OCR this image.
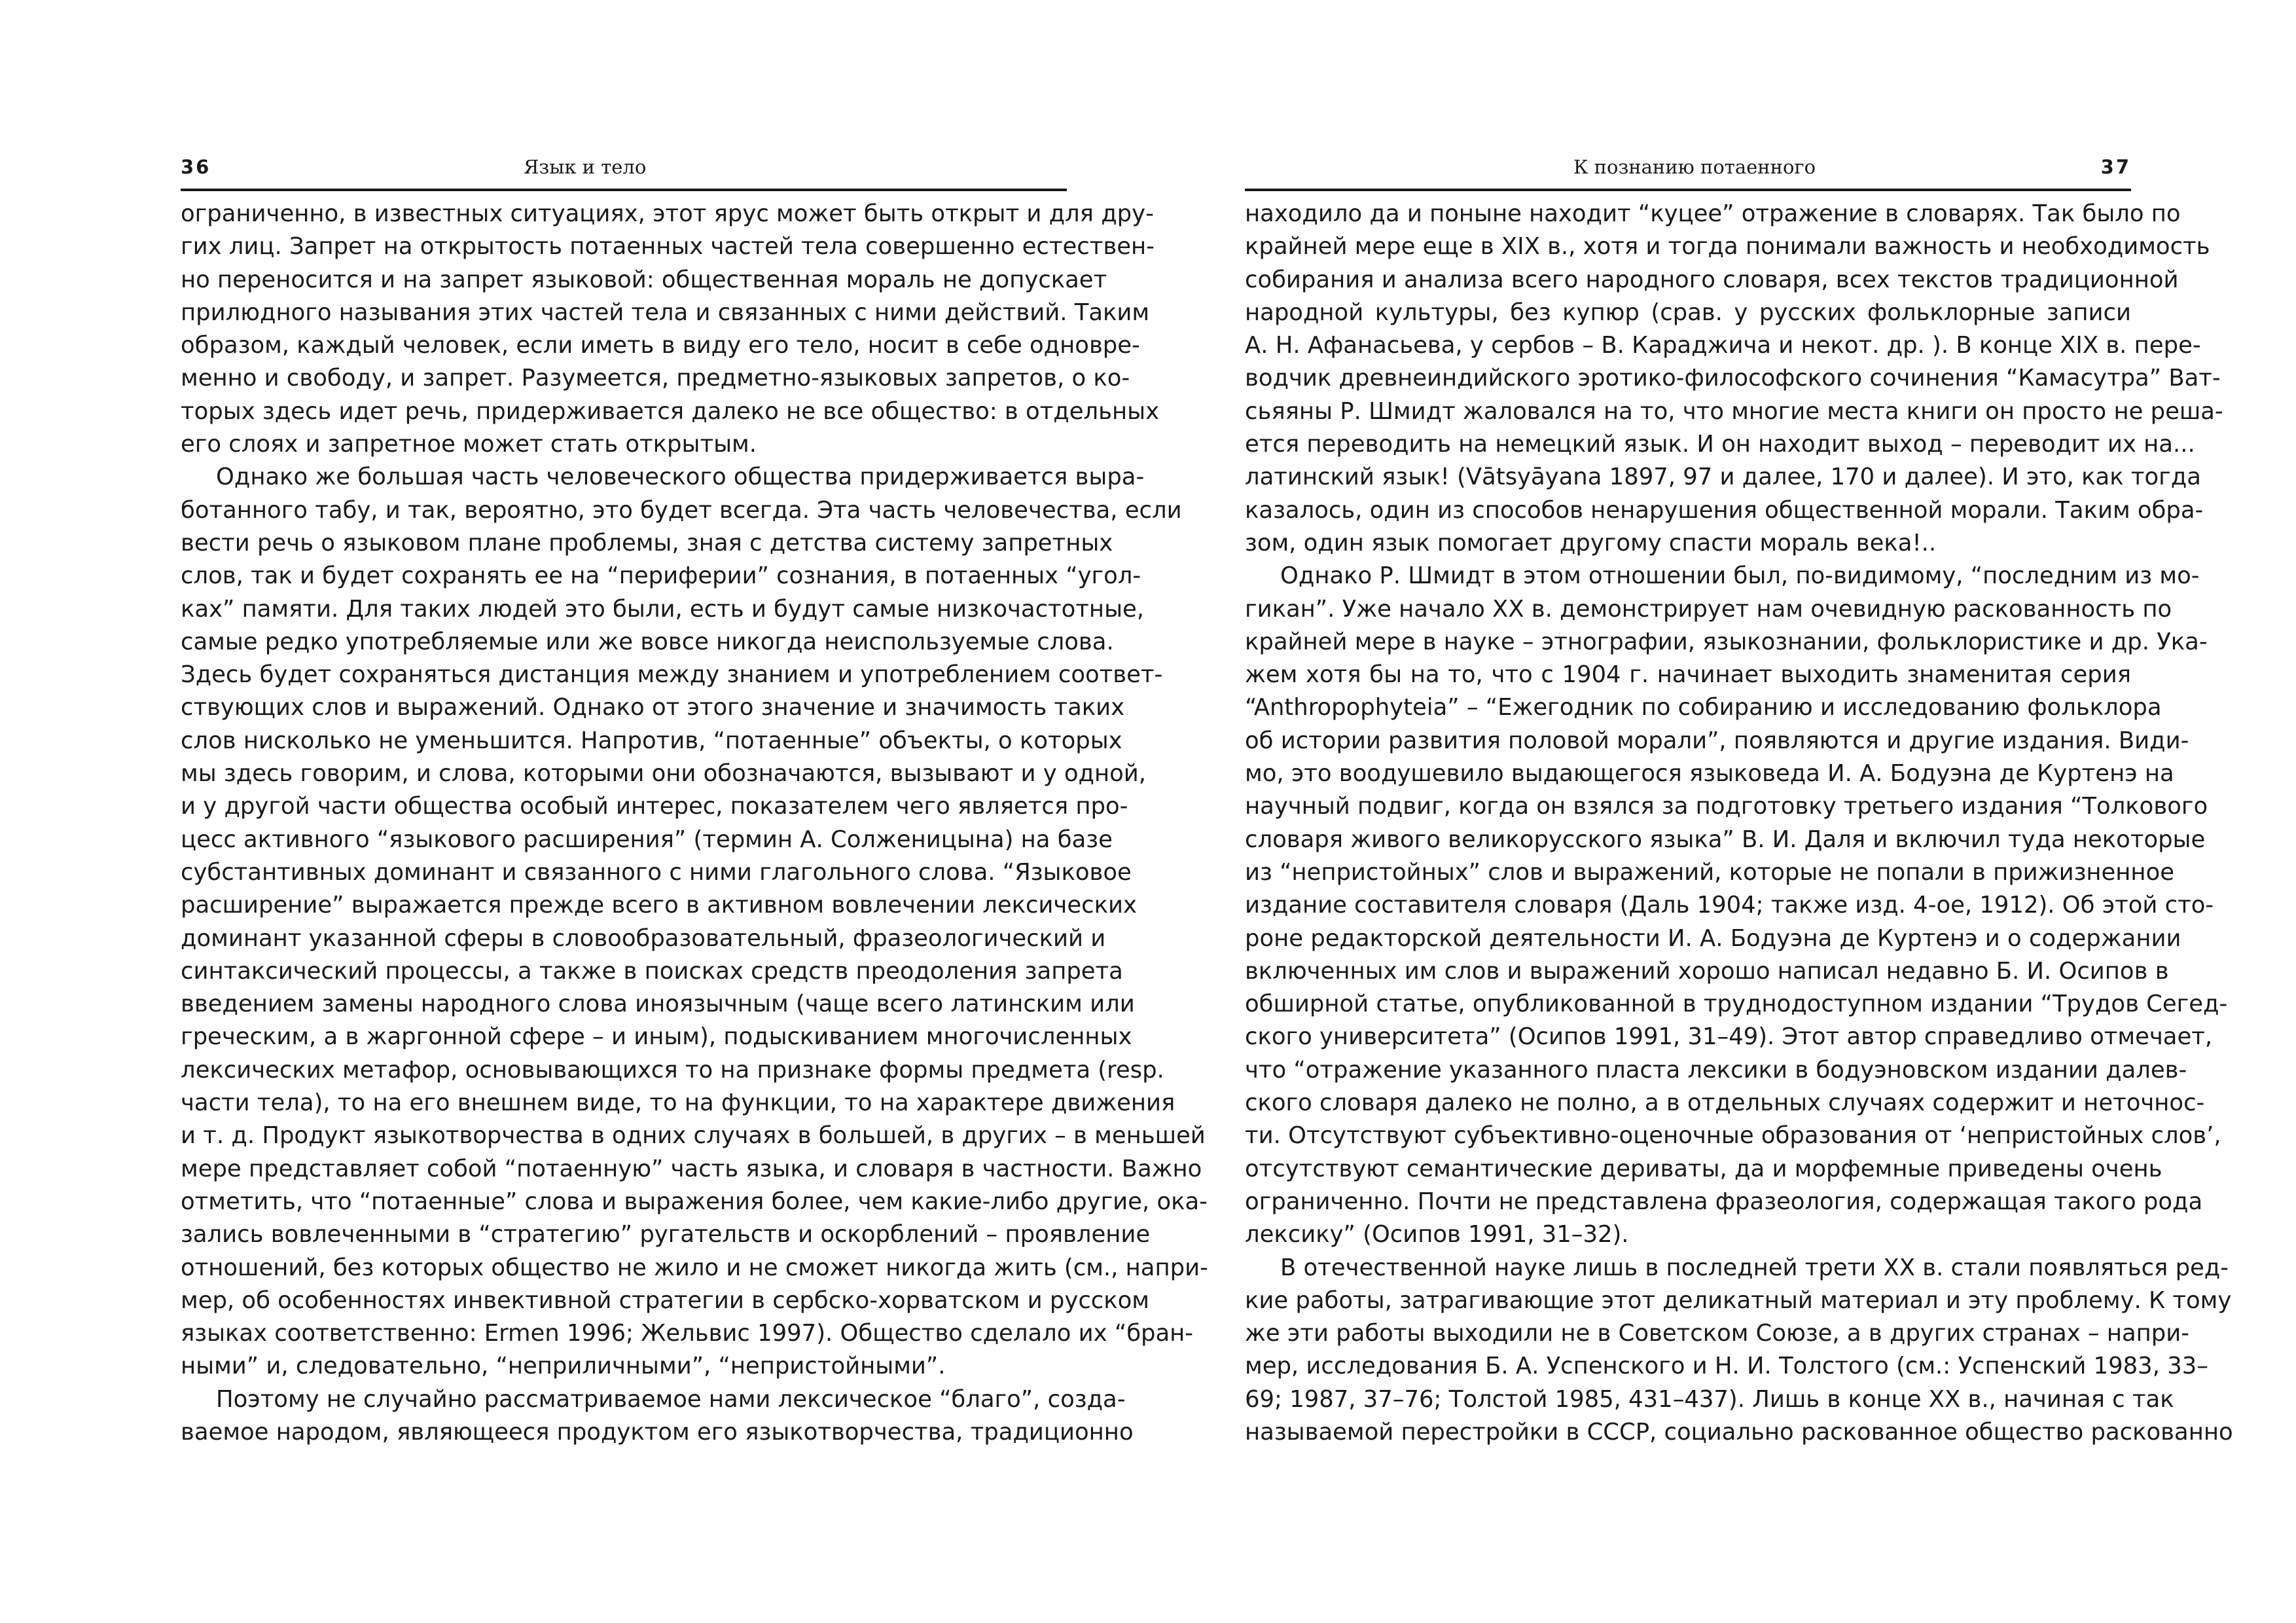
36	Язык и тело
ограниченно, в известных ситуациях, этот ярус может быть открыт и для дру-
гих лиц. Запрет на открытость потаенных частей тела совершенно естествен-
но переносится и на запрет языковой: общественная мораль не допускает
прилюдного называния этих частей тела и связанных с ними действий. Таким
образом, каждый человек, если иметь в виду его тело, носит в себе одновре-
менно и свободу, и запрет. Разумеется, предметно-языковых запретов, о ко-
торых здесь идет речь, придерживается далеко не все общество: в отдельных
его слоях и запретное может стать открытым.
Однако же большая часть человеческого общества придерживается выра-
ботанного табу, и так, вероятно, это будет всегда. Эта часть человечества, если
вести речь о языковом плане проблемы, зная с детства систему запретных
слов, так и будет сохранять ее на “периферии” сознания, в потаенных “угол-
ках” памяти. Для таких людей это были, есть и будут самые низкочастотные,
самые редко употребляемые или же вовсе никогда неиспользуемые слова.
Здесь будет сохраняться дистанция между знанием и употреблением соответ-
ствующих слов и выражений. Однако от этого значение и значимость таких
слов нисколько не уменьшится. Напротив, “потаенные” объекты, о которых
мы здесь говорим, и слова, которыми они обозначаются, вызывают и у одной,
и у другой части общества особый интерес, показателем чего является про-
цесс активного “языкового расширения” (термин А. Солженицына) на базе
субстантивных доминант и связанного с ними глагольного слова. “Языковое
расширение” выражается прежде всего в активном вовлечении лексических
доминант указанной сферы в словообразовательный, фразеологический и
синтаксический процессы, а также в поисках средств преодоления запрета
введением замены народного слова иноязычным (чаще всего латинским или
греческим, а в жаргонной сфере – и иным), подыскиванием многочисленных
лексических метафор, основывающихся то на признаке формы предмета (resp.
части тела), то на его внешнем виде, то на функции, то на характере движения
и т. д. Продукт языкотворчества в одних случаях в большей, в других – в меньшей
мере представляет собой “потаенную” часть языка, и словаря в частности. Важно
отметить, что “потаенные” слова и выражения более, чем какие-либо другие, ока-
зались вовлеченными в “стратегию” ругательств и оскорблений – проявление
отношений, без которых общество не жило и не сможет никогда жить (см., напри-
мер, об особенностях инвективной стратегии в сербско-хорватском и русском
языках соответственно: Ermen 1996; Жельвис 1997). Общество сделало их “бран-
ными” и, следовательно, “неприличными”, “непристойными”.
Поэтому не случайно рассматриваемое нами лексическое “благо”, созда-
ваемое народом, являющееся продуктом его языкотворчества, традиционно
К познанию потаенного	37
находило да и поныне находит “куцее” отражение в словарях. Так было по
крайней мере еще в XIX в., хотя и тогда понимали важность и необходимость
собирания и анализа всего народного словаря, всех текстов традиционной
народной культуры, без купюр (срав. у русских фольклорные записи
А. Н. Афанасьева, у сербов – В. Караджича и некот. др. ). В конце XIX в. пере-
водчик древнеиндийского эротико-философского сочинения “Камасутра” Ват-
сьяяны Р. Шмидт жаловался на то, что многие места книги он просто не реша-
ется переводить на немецкий язык. И он находит выход – переводит их на...
латинский язык! (Vātsyāyana 1897, 97 и далее, 170 и далее). И это, как тогда
казалось, один из способов ненарушения общественной морали. Таким обра-
зом, один язык помогает другому спасти мораль века!..
Однако Р. Шмидт в этом отношении был, по-видимому, “последним из мо-
гикан”. Уже начало XX в. демонстрирует нам очевидную раскованность по
крайней мере в науке – этнографии, языкознании, фольклористике и др. Ука-
жем хотя бы на то, что с 1904 г. начинает выходить знаменитая серия
“Anthropophyteia” – “Ежегодник по собиранию и исследованию фольклора
об истории развития половой морали”, появляются и другие издания. Види-
мо, это воодушевило выдающегося языковеда И. А. Бодуэна де Куртенэ на
научный подвиг, когда он взялся за подготовку третьего издания “Толкового
словаря живого великорусского языка” В. И. Даля и включил туда некоторые
из “непристойных” слов и выражений, которые не попали в прижизненное
издание составителя словаря (Даль 1904; также изд. 4-ое, 1912). Об этой сто-
роне редакторской деятельности И. А. Бодуэна де Куртенэ и о содержании
включенных им слов и выражений хорошо написал недавно Б. И. Осипов в
обширной статье, опубликованной в труднодоступном издании “Трудов Сегед-
ского университета” (Осипов 1991, 31–49). Этот автор справедливо отмечает,
что “отражение указанного пласта лексики в бодуэновском издании далев-
ского словаря далеко не полно, а в отдельных случаях содержит и неточнос-
ти. Отсутствуют субъективно-оценочные образования от ‘непристойных слов’,
отсутствуют семантические дериваты, да и морфемные приведены очень
ограниченно. Почти не представлена фразеология, содержащая такого рода
лексику” (Осипов 1991, 31–32).
В отечественной науке лишь в последней трети XX в. стали появляться ред-
кие работы, затрагивающие этот деликатный материал и эту проблему. К тому
же эти работы выходили не в Советском Союзе, а в других странах – напри-
мер, исследования Б. А. Успенского и Н. И. Толстого (см.: Успенский 1983, 33–
69; 1987, 37–76; Толстой 1985, 431–437). Лишь в конце XX в., начиная с так
называемой перестройки в СССР, социально раскованное общество раскованно
